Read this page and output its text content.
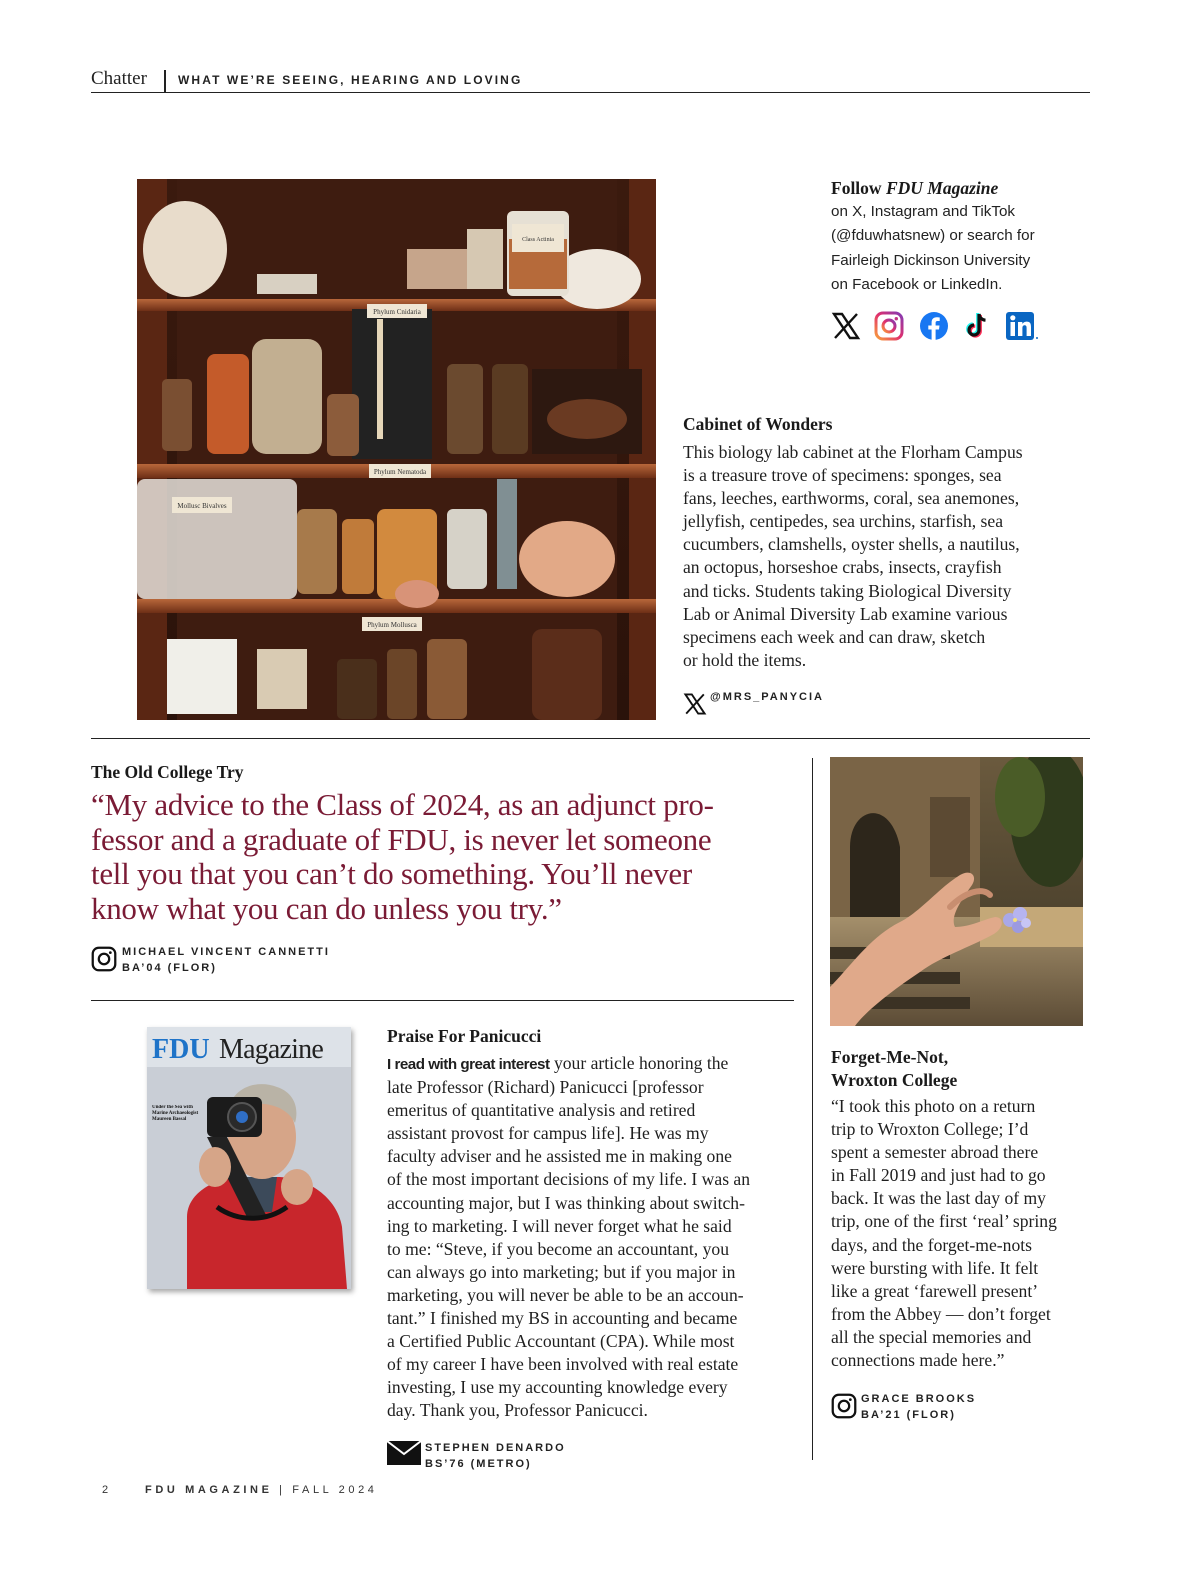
Chatter	WHAT WE’RE SEEING, HEARING AND LOVING
Phylum Cnidaria
Phylum Nematoda
Mollusc Bivalves
Phylum Mollusca
Class Actinia
Follow FDU Magazine
on X, Instagram and TikTok
(@fduwhatsnew) or search for
Fairleigh Dickinson University
on Facebook or LinkedIn.
Cabinet of Wonders
This biology lab cabinet at the Florham Campus
is a treasure trove of specimens: sponges, sea
fans, leeches, earthworms, coral, sea anemones,
jellyfish, centipedes, sea urchins, starfish, sea
cucumbers, clamshells, oyster shells, a nautilus,
an octopus, horseshoe crabs, insects, crayfish
and ticks. Students taking Biological Diversity
Lab or Animal Diversity Lab examine various
specimens each week and can draw, sketch
or hold the items.
@MRS_PANYCIA
The Old College Try
“My advice to the Class of 2024, as an adjunct pro-
fessor and a graduate of FDU, is never let someone
tell you that you can’t do something. You’ll never
know what you can do unless you try.”
MICHAEL VINCENT CANNETTI
BA’04 (FLOR)
FDU Magazine
Under the Sea with Marine Archaeologist Maureen Bassal
Praise For Panicucci
I read with great interest your article honoring the
late Professor (Richard) Panicucci [professor
emeritus of quantitative analysis and retired
assistant provost for campus life]. He was my
faculty adviser and he assisted me in making one
of the most important decisions of my life. I was an
accounting major, but I was thinking about switch-
ing to marketing. I will never forget what he said
to me: “Steve, if you become an accountant, you
can always go into marketing; but if you major in
marketing, you will never be able to be an accoun-
tant.” I finished my BS in accounting and became
a Certified Public Accountant (CPA). While most
of my career I have been involved with real estate
investing, I use my accounting knowledge every
day. Thank you, Professor Panicucci.
STEPHEN DENARDO
BS’76 (METRO)
Forget-Me-Not,
Wroxton College
“I took this photo on a return
trip to Wroxton College; I’d
spent a semester abroad there
in Fall 2019 and just had to go
back. It was the last day of my
trip, one of the first ‘real’ spring
days, and the forget-me-nots
were bursting with life. It felt
like a great ‘farewell present’
from the Abbey — don’t forget
all the special memories and
connections made here.”
GRACE BROOKS
BA’21 (FLOR)
2	FDU MAGAZINE | FALL 2024
